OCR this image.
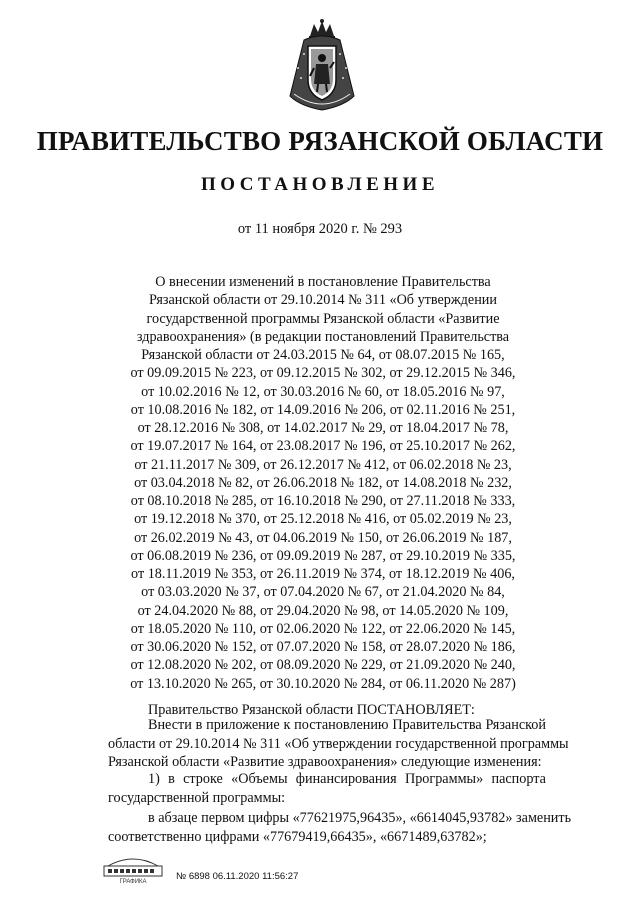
ПРАВИТЕЛЬСТВО РЯЗАНСКОЙ ОБЛАСТИ
ПОСТАНОВЛЕНИЕ
от 11 ноября 2020 г. № 293
О внесении изменений в постановление Правительства
Рязанской области от 29.10.2014 № 311 «Об утверждении
государственной программы Рязанской области «Развитие
здравоохранения» (в редакции постановлений Правительства
Рязанской области от 24.03.2015 № 64, от 08.07.2015 № 165,
от 09.09.2015 № 223, от 09.12.2015 № 302, от 29.12.2015 № 346,
от 10.02.2016 № 12, от 30.03.2016 № 60, от 18.05.2016 № 97,
от 10.08.2016 № 182, от 14.09.2016 № 206, от 02.11.2016 № 251,
от 28.12.2016 № 308, от 14.02.2017 № 29, от 18.04.2017 № 78,
от 19.07.2017 № 164, от 23.08.2017 № 196, от 25.10.2017 № 262,
от 21.11.2017 № 309, от 26.12.2017 № 412, от 06.02.2018 № 23,
от 03.04.2018 № 82, от 26.06.2018 № 182, от 14.08.2018 № 232,
от 08.10.2018 № 285, от 16.10.2018 № 290, от 27.11.2018 № 333,
от 19.12.2018 № 370, от 25.12.2018 № 416, от 05.02.2019 № 23,
от 26.02.2019 № 43, от 04.06.2019 № 150, от 26.06.2019 № 187,
от 06.08.2019 № 236, от 09.09.2019 № 287, от 29.10.2019 № 335,
от 18.11.2019 № 353, от 26.11.2019 № 374, от 18.12.2019 № 406,
от 03.03.2020 № 37, от 07.04.2020 № 67, от 21.04.2020 № 84,
от 24.04.2020 № 88, от 29.04.2020 № 98, от 14.05.2020 № 109,
от 18.05.2020 № 110, от 02.06.2020 № 122, от 22.06.2020 № 145,
от 30.06.2020 № 152, от 07.07.2020 № 158, от 28.07.2020 № 186,
от 12.08.2020 № 202, от 08.09.2020 № 229, от 21.09.2020 № 240,
от 13.10.2020 № 265, от 30.10.2020 № 284, от 06.11.2020 № 287)
Правительство Рязанской области ПОСТАНОВЛЯЕТ:
Внести в приложение к постановлению Правительства Рязанской
области от 29.10.2014 № 311 «Об утверждении государственной программы
Рязанской области «Развитие здравоохранения» следующие изменения:
1) в строке «Объемы финансирования Программы» паспорта
государственной программы:
в абзаце первом цифры «77621975,96435», «6614045,93782» заменить
соответственно цифрами «77679419,66435», «6671489,63782»;
ГРАФИКА	№ 6898 06.11.2020 11:56:27
